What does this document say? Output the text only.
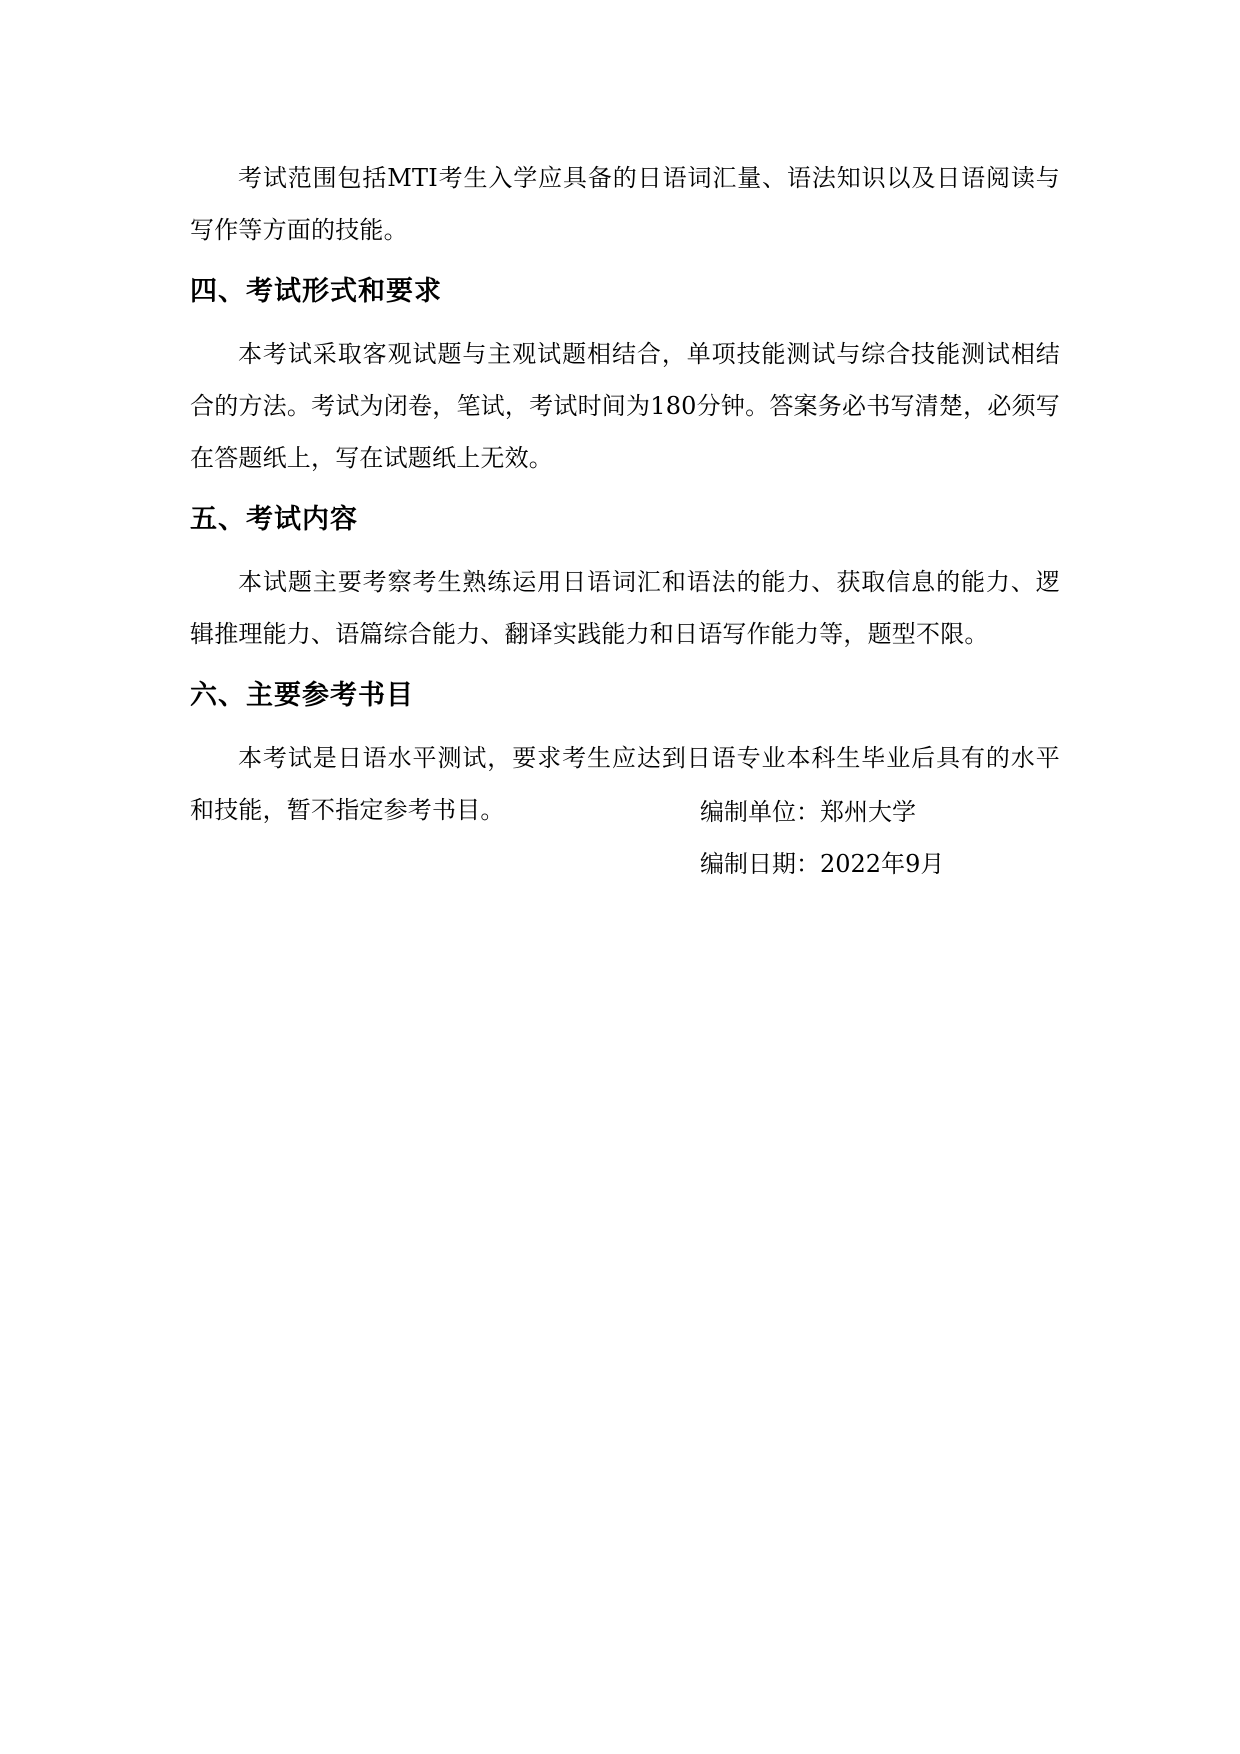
考试范围包括MTI考生入学应具备的日语词汇量、语法知识以及日语阅读与写作等方面的技能。

四、考试形式和要求

本考试采取客观试题与主观试题相结合，单项技能测试与综合技能测试相结合的方法。考试为闭卷，笔试，考试时间为180分钟。答案务必书写清楚，必须写在答题纸上，写在试题纸上无效。

五、考试内容

本试题主要考察考生熟练运用日语词汇和语法的能力、获取信息的能力、逻辑推理能力、语篇综合能力、翻译实践能力和日语写作能力等，题型不限。

六、主要参考书目

本考试是日语水平测试，要求考生应达到日语专业本科生毕业后具有的水平和技能，暂不指定参考书目。	编制单位：郑州大学

编制日期：2022年9月
